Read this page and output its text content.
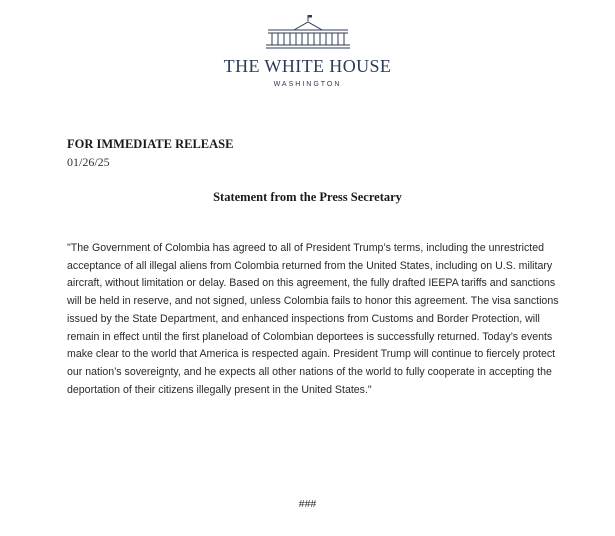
THE WHITE HOUSE
WASHINGTON
FOR IMMEDIATE RELEASE
01/26/25
Statement from the Press Secretary

"The Government of Colombia has agreed to all of President Trump’s terms, including the unrestricted acceptance of all illegal aliens from Colombia returned from the United States, including on U.S. military aircraft, without limitation or delay. Based on this agreement, the fully drafted IEEPA tariffs and sanctions will be held in reserve, and not signed, unless Colombia fails to honor this agreement. The visa sanctions issued by the State Department, and enhanced inspections from Customs and Border Protection, will remain in effect until the first planeload of Colombian deportees is successfully returned. Today’s events make clear to the world that America is respected again. President Trump will continue to fiercely protect our nation’s sovereignty, and he expects all other nations of the world to fully cooperate in accepting the deportation of their citizens illegally present in the United States."

###
